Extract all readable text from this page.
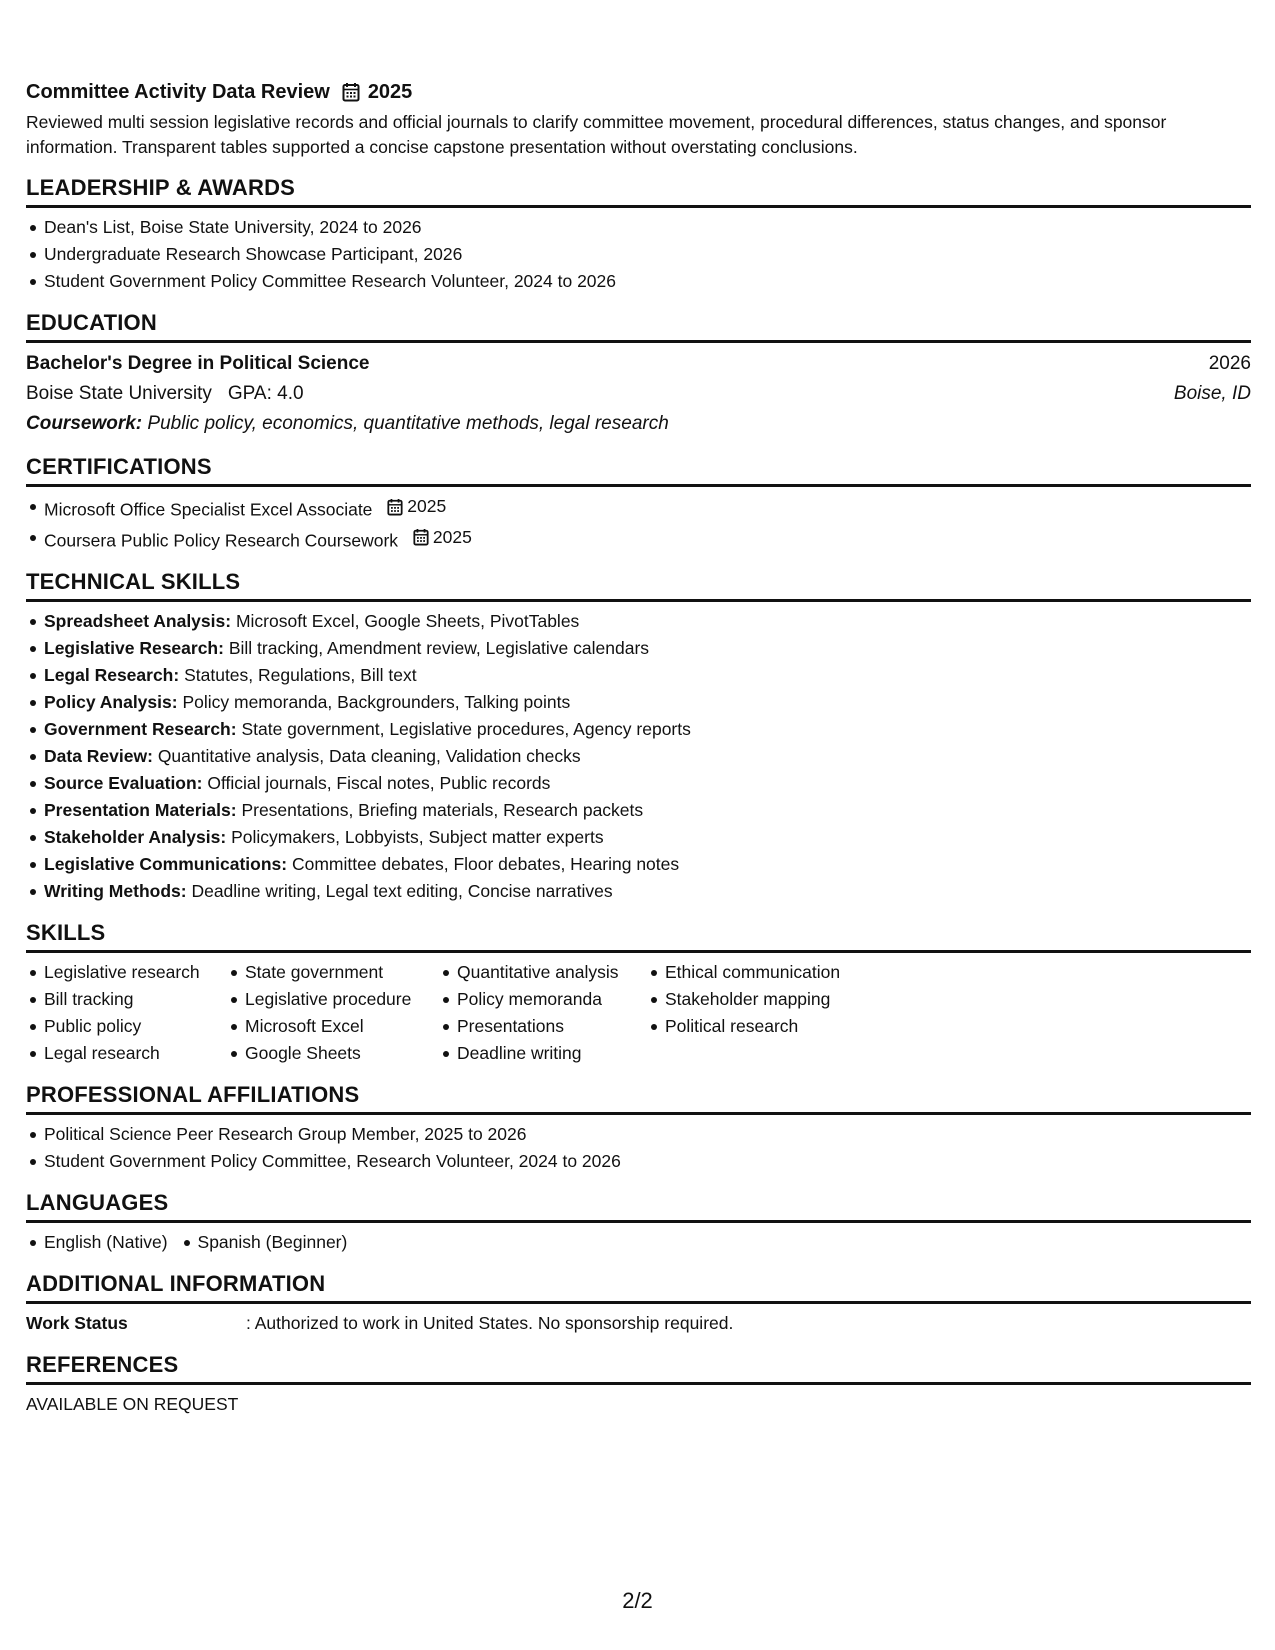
Committee Activity Data Review 2025
Reviewed multi session legislative records and official journals to clarify committee movement, procedural differences, status changes, and sponsor information. Transparent tables supported a concise capstone presentation without overstating conclusions.
LEADERSHIP & AWARDS
Dean's List, Boise State University, 2024 to 2026
Undergraduate Research Showcase Participant, 2026
Student Government Policy Committee Research Volunteer, 2024 to 2026
EDUCATION
Bachelor's Degree in Political Science	2026
Boise State University GPA: 4.0	Boise, ID
Coursework: Public policy, economics, quantitative methods, legal research
CERTIFICATIONS
Microsoft Office Specialist Excel Associate 2025
Coursera Public Policy Research Coursework 2025
TECHNICAL SKILLS
Spreadsheet Analysis: Microsoft Excel, Google Sheets, PivotTables
Legislative Research: Bill tracking, Amendment review, Legislative calendars
Legal Research: Statutes, Regulations, Bill text
Policy Analysis: Policy memoranda, Backgrounders, Talking points
Government Research: State government, Legislative procedures, Agency reports
Data Review: Quantitative analysis, Data cleaning, Validation checks
Source Evaluation: Official journals, Fiscal notes, Public records
Presentation Materials: Presentations, Briefing materials, Research packets
Stakeholder Analysis: Policymakers, Lobbyists, Subject matter experts
Legislative Communications: Committee debates, Floor debates, Hearing notes
Writing Methods: Deadline writing, Legal text editing, Concise narratives
SKILLS
Legislative research
Bill tracking
Public policy
Legal research
State government
Legislative procedure
Microsoft Excel
Google Sheets
Quantitative analysis
Policy memoranda
Presentations
Deadline writing
Ethical communication
Stakeholder mapping
Political research
PROFESSIONAL AFFILIATIONS
Political Science Peer Research Group Member, 2025 to 2026
Student Government Policy Committee, Research Volunteer, 2024 to 2026
LANGUAGES
English (Native) Spanish (Beginner)
ADDITIONAL INFORMATION
Work Status	: Authorized to work in United States. No sponsorship required.
REFERENCES
AVAILABLE ON REQUEST
2/2
